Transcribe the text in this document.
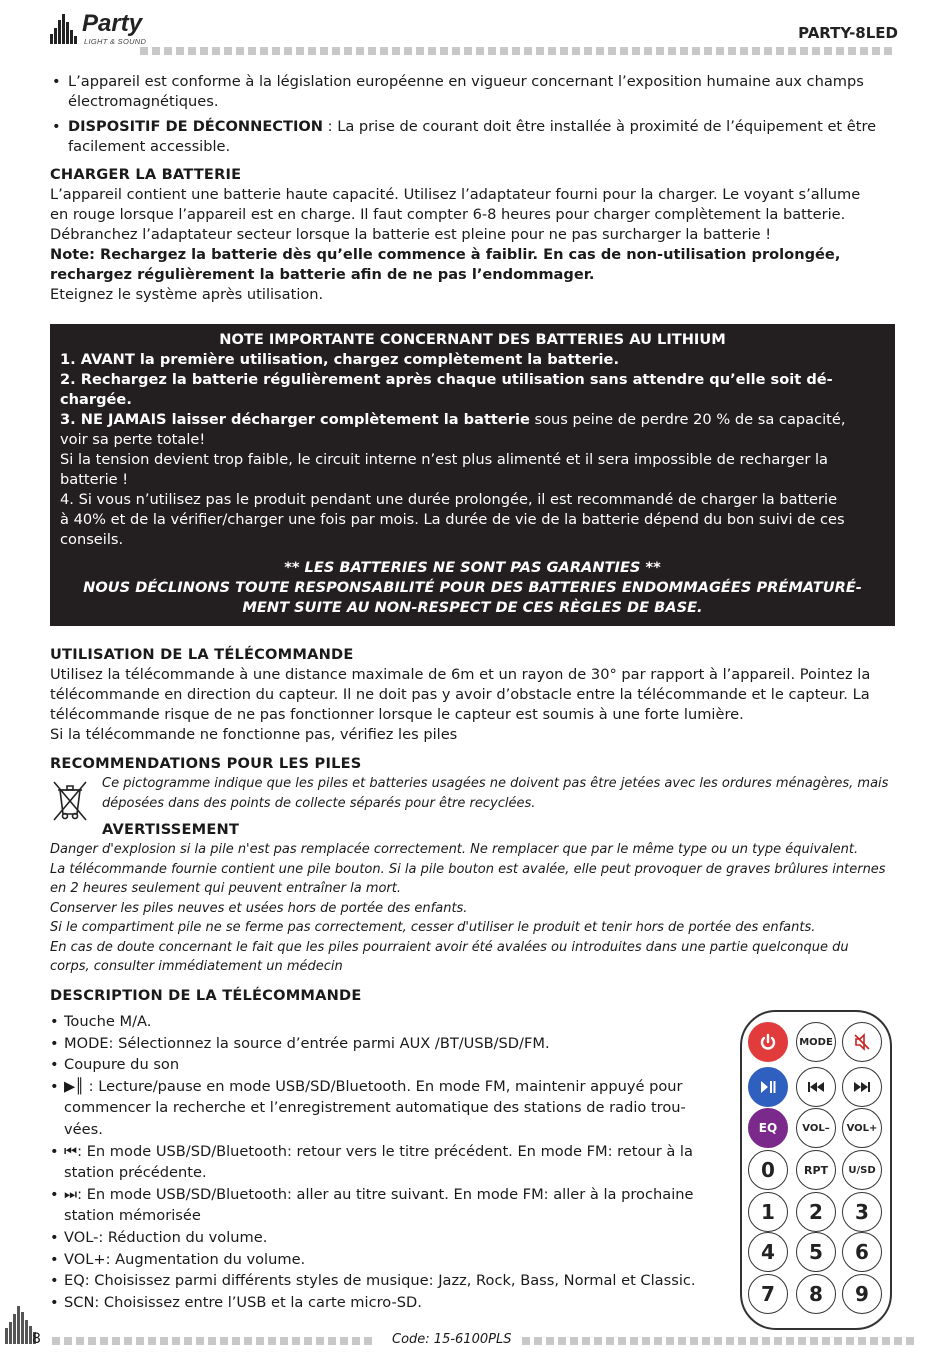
Party
LIGHT & SOUND	PARTY-8LED
• L’appareil est conforme à la législation européenne en vigueur concernant l’exposition humaine aux champs électromagnétiques.
• DISPOSITIF DE DÉCONNECTION : La prise de courant doit être installée à proximité de l’équipement et être facilement accessible.
CHARGER LA BATTERIE
L’appareil contient une batterie haute capacité. Utilisez l’adaptateur fourni pour la charger. Le voyant s’allume
en rouge lorsque l’appareil est en charge. Il faut compter 6-8 heures pour charger complètement la batterie.
Débranchez l’adaptateur secteur lorsque la batterie est pleine pour ne pas surcharger la batterie !
Note: Rechargez la batterie dès qu’elle commence à faiblir. En cas de non-utilisation prolongée,
rechargez régulièrement la batterie afin de ne pas l’endommager.
Eteignez le système après utilisation.
NOTE IMPORTANTE CONCERNANT DES BATTERIES AU LITHIUM
1. AVANT la première utilisation, chargez complètement la batterie.
2. Rechargez la batterie régulièrement après chaque utilisation sans attendre qu’elle soit dé-
chargée.
3. NE JAMAIS laisser décharger complètement la batterie sous peine de perdre 20 % de sa capacité,
voir sa perte totale!
Si la tension devient trop faible, le circuit interne n’est plus alimenté et il sera impossible de recharger la
batterie !
4. Si vous n’utilisez pas le produit pendant une durée prolongée, il est recommandé de charger la batterie
à 40% et de la vérifier/charger une fois par mois. La durée de vie de la batterie dépend du bon suivi de ces
conseils.
** LES BATTERIES NE SONT PAS GARANTIES **
NOUS DÉCLINONS TOUTE RESPONSABILITÉ POUR DES BATTERIES ENDOMMAGÉES PRÉMATURÉ-
MENT SUITE AU NON-RESPECT DE CES RÈGLES DE BASE.
UTILISATION DE LA TÉLÉCOMMANDE
Utilisez la télécommande à une distance maximale de 6m et un rayon de 30° par rapport à l’appareil. Pointez la
télécommande en direction du capteur. Il ne doit pas y avoir d’obstacle entre la télécommande et le capteur. La
télécommande risque de ne pas fonctionner lorsque le capteur est soumis à une forte lumière.
Si la télécommande ne fonctionne pas, vérifiez les piles
RECOMMENDATIONS POUR LES PILES
Ce pictogramme indique que les piles et batteries usagées ne doivent pas être jetées avec les ordures ménagères, mais
déposées dans des points de collecte séparés pour être recyclées.
AVERTISSEMENT
Danger d'explosion si la pile n'est pas remplacée correctement. Ne remplacer que par le même type ou un type équivalent.
La télécommande fournie contient une pile bouton. Si la pile bouton est avalée, elle peut provoquer de graves brûlures internes
en 2 heures seulement qui peuvent entraîner la mort.
Conserver les piles neuves et usées hors de portée des enfants.
Si le compartiment pile ne se ferme pas correctement, cesser d'utiliser le produit et tenir hors de portée des enfants.
En cas de doute concernant le fait que les piles pourraient avoir été avalées ou introduites dans une partie quelconque du
corps, consulter immédiatement un médecin
DESCRIPTION DE LA TÉLÉCOMMANDE
• Touche M/A.
• MODE: Sélectionnez la source d’entrée parmi AUX /BT/USB/SD/FM.
• Coupure du son
• ▶║ : Lecture/pause en mode USB/SD/Bluetooth. En mode FM, maintenir appuyé pour
commencer la recherche et l’enregistrement automatique des stations de radio trou-
vées.
• ⏮: En mode USB/SD/Bluetooth: retour vers le titre précédent. En mode FM: retour à la
station précédente.
• ⏭: En mode USB/SD/Bluetooth: aller au titre suivant. En mode FM: aller à la prochaine
station mémorisée
• VOL-: Réduction du volume.
• VOL+: Augmentation du volume.
• EQ: Choisissez parmi différents styles de musique: Jazz, Rock, Bass, Normal et Classic.
• SCN: Choisissez entre l’USB et la carte micro-SD.
MODE
EQ	VOL–	VOL+
0	RPT	U/SD
1	2	3
4	5	6
7	8	9
8	Code: 15-6100PLS
